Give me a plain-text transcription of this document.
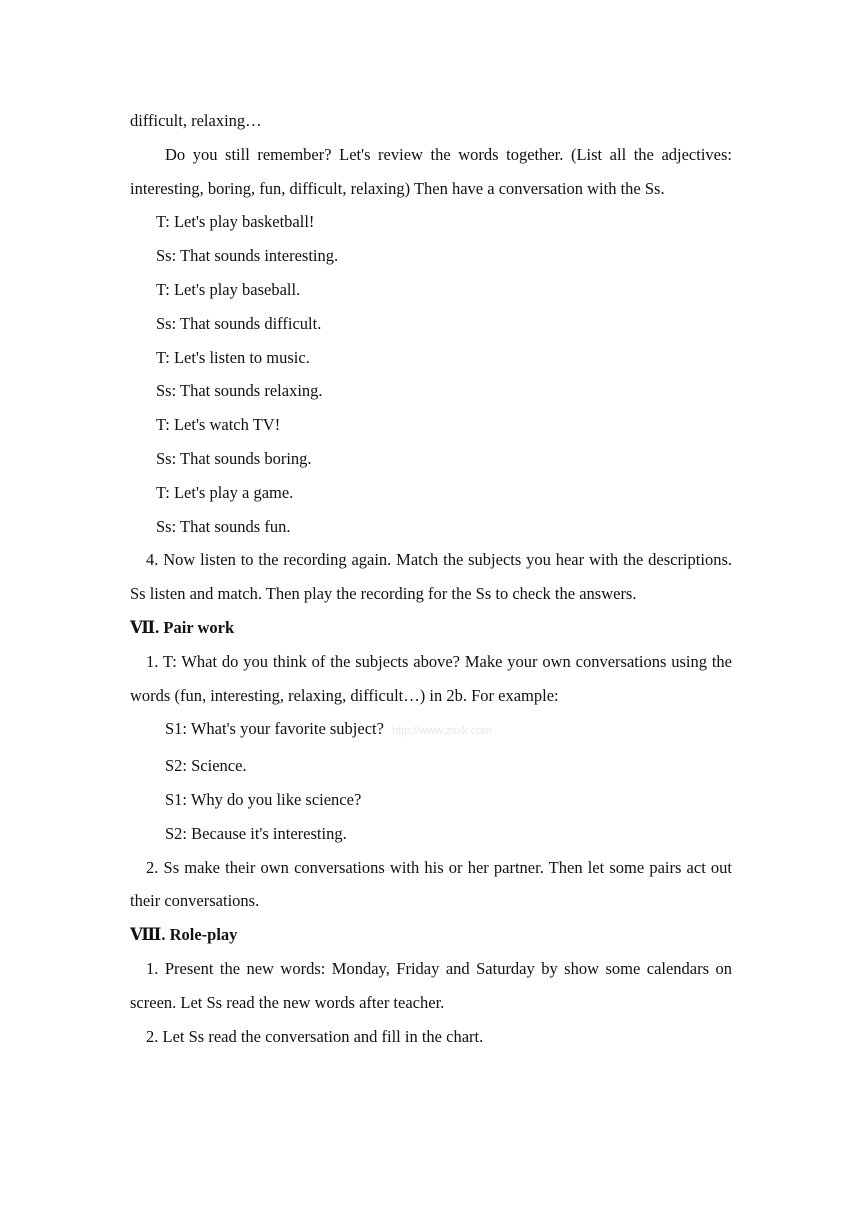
difficult, relaxing…

Do you still remember? Let's review the words together. (List all the adjectives: interesting, boring, fun, difficult, relaxing) Then have a conversation with the Ss.

T: Let's play basketball!

Ss: That sounds interesting.

T: Let's play baseball.

Ss: That sounds difficult.

T: Let's listen to music.

Ss: That sounds relaxing.

T: Let's watch TV!

Ss: That sounds boring.

T: Let's play a game.

Ss: That sounds fun.

4. Now listen to the recording again. Match the subjects you hear with the descriptions. Ss listen and match. Then play the recording for the Ss to check the answers.

Ⅶ. Pair work

1. T: What do you think of the subjects above? Make your own conversations using the words (fun, interesting, relaxing, difficult…) in 2b. For example:

S1: What's your favorite subject? http://www.zxxk.com

S2: Science.

S1: Why do you like science?

S2: Because it's interesting.

2. Ss make their own conversations with his or her partner. Then let some pairs act out their conversations.

Ⅷ. Role-play

1. Present the new words: Monday, Friday and Saturday by show some calendars on screen. Let Ss read the new words after teacher.

2. Let Ss read the conversation and fill in the chart.
